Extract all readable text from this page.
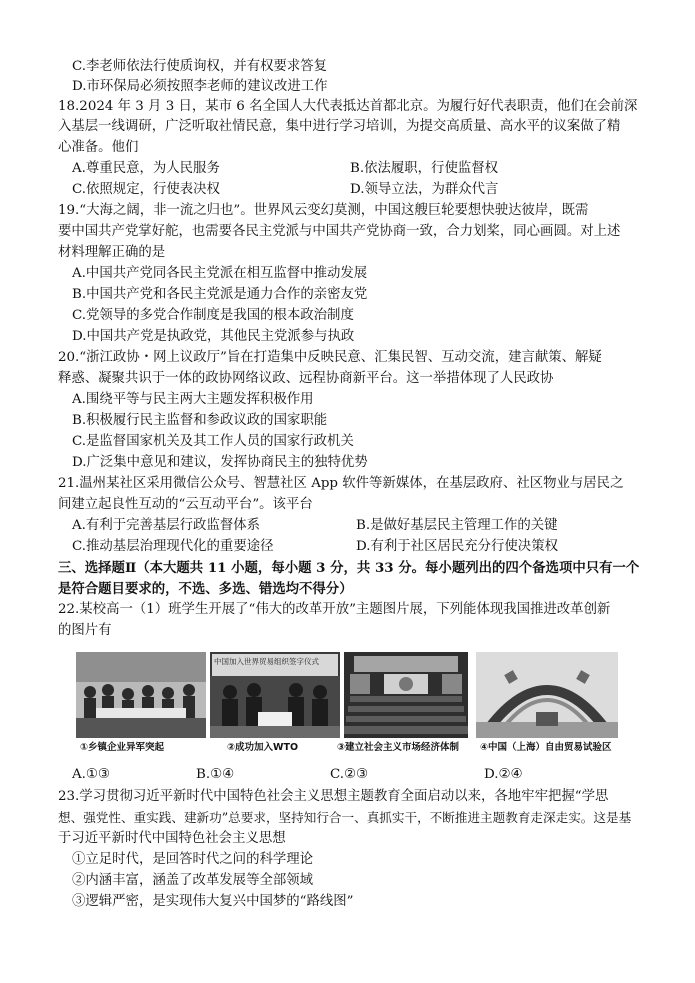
C.李老师依法行使质询权，并有权要求答复
D.市环保局必须按照李老师的建议改进工作
18.2024 年 3 月 3 日，某市 6 名全国人大代表抵达首都北京。为履行好代表职责，他们在会前深
入基层一线调研，广泛听取社情民意，集中进行学习培训，为提交高质量、高水平的议案做了精
心准备。他们
A.尊重民意，为人民服务	B.依法履职，行使监督权
C.依照规定，行使表决权	D.领导立法，为群众代言
19.“大海之阔，非一流之归也”。世界风云变幻莫测，中国这艘巨轮要想快驶达彼岸，既需
要中国共产党掌好舵，也需要各民主党派与中国共产党协商一致，合力划桨，同心画圆。对上述
材料理解正确的是
A.中国共产党同各民主党派在相互监督中推动发展
B.中国共产党和各民主党派是通力合作的亲密友党
C.党领导的多党合作制度是我国的根本政治制度
D.中国共产党是执政党，其他民主党派参与执政
20.“浙江政协・网上议政厅”旨在打造集中反映民意、汇集民智、互动交流，建言献策、解疑
释惑、凝聚共识于一体的政协网络议政、远程协商新平台。这一举措体现了人民政协
A.围绕平等与民主两大主题发挥积极作用
B.积极履行民主监督和参政议政的国家职能
C.是监督国家机关及其工作人员的国家行政机关
D.广泛集中意见和建议，发挥协商民主的独特优势
21.温州某社区采用微信公众号、智慧社区 App 软件等新媒体，在基层政府、社区物业与居民之
间建立起良性互动的“云互动平台”。该平台
A.有利于完善基层行政监督体系	B.是做好基层民主管理工作的关键
C.推动基层治理现代化的重要途径	D.有利于社区居民充分行使决策权
三、选择题Ⅱ（本大题共 11 小题，每小题 3 分，共 33 分。每小题列出的四个备选项中只有一个
是符合题目要求的，不选、多选、错选均不得分）
22.某校高一（1）班学生开展了“伟大的改革开放”主题图片展，下列能体现我国推进改革创新
的图片有
①乡镇企业异军突起
中国加入世界贸易组织签字仪式
②成功加入WTO	③建立社会主义市场经济体制 ④中国（上海）自由贸易试验区
A.①③	B.①④	C.②③	D.②④
23.学习贯彻习近平新时代中国特色社会主义思想主题教育全面启动以来，各地牢牢把握“学思
想、强党性、重实践、建新功”总要求，坚持知行合一、真抓实干，不断推进主题教育走深走实。这是基
于习近平新时代中国特色社会主义思想
①立足时代，是回答时代之问的科学理论
②内涵丰富，涵盖了改革发展等全部领域
③逻辑严密，是实现伟大复兴中国梦的“路线图”
